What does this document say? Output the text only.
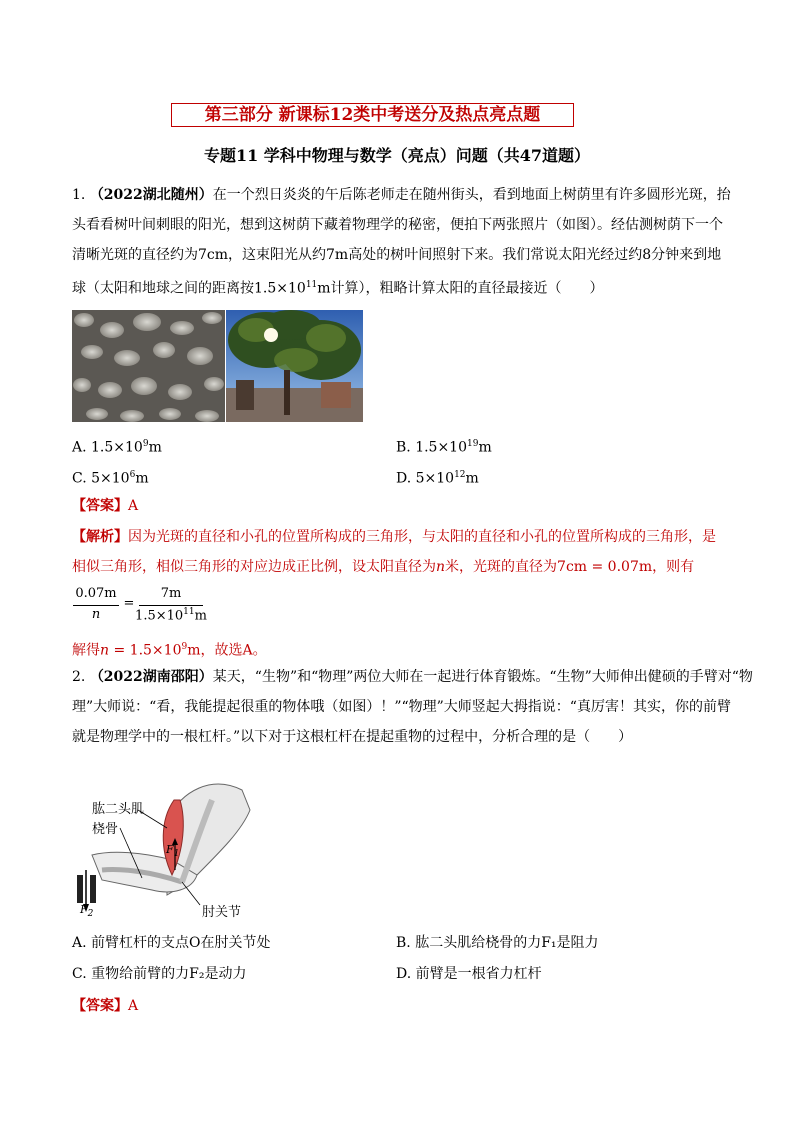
第三部分 新课标12类中考送分及热点亮点题
专题11 学科中物理与数学（亮点）问题（共47道题）
1. （2022湖北随州）在一个烈日炎炎的午后陈老师走在随州街头，看到地面上树荫里有许多圆形光斑，抬
头看看树叶间刺眼的阳光，想到这树荫下藏着物理学的秘密，便拍下两张照片（如图）。经估测树荫下一个
清晰光斑的直径约为7cm，这束阳光从约7m高处的树叶间照射下来。我们常说太阳光经过约8分钟来到地
球（太阳和地球之间的距离按$1.5\times 10^{11}m$计算），粗略计算太阳的直径最接近（　　）
A. $1.5\times 10^9m$	B. $1.5\times 10^{19}m$
C. $5\times 10^6m$	D. $5\times 10^{12}m$
【答案】A
【解析】因为光斑的直径和小孔的位置所构成的三角形，与太阳的直径和小孔的位置所构成的三角形，是
相似三角形，相似三角形的对应边成正比例，设太阳直径为n米，光斑的直径为7cm = 0.07m，则有
0.07m
n
=
7m
$1.5\times 10^{11}m$
解得$n = 1.5\times 10^9m$，故选A。
2. （2022湖南邵阳）某天，“生物”和“物理”两位大师在一起进行体育锻炼。“生物”大师伸出健硕的手臂对“物
理”大师说：“看，我能提起很重的物体哦（如图）！”“物理”大师竖起大拇指说：“真厉害！其实，你的前臂
就是物理学中的一根杠杆。”以下对于这根杠杆在提起重物的过程中，分析合理的是（　　）
肱二头肌
桡骨
$F_1$
$F_2$	肘关节
A. 前臂杠杆的支点O在肘关节处	B. 肱二头肌给桡骨的力F₁是阻力
C. 重物给前臂的力F₂是动力	D. 前臂是一根省力杠杆
【答案】A
